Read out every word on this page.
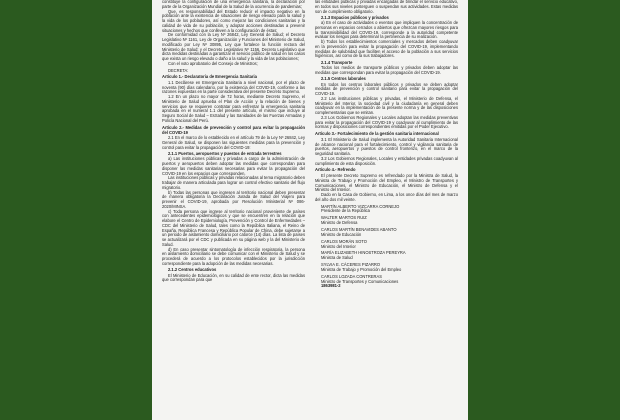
constituye la configuración de una emergencia sanitaria, la declaración por parte de la Organización Mundial de la Salud de la ocurrencia de pandemias;

Que, es responsabilidad del Estado reducir el impacto negativo en la población ante la existencia de situaciones de riesgo elevado para la salud y la vida de los pobladores, así como mejorar las condiciones sanitarias y la calidad de vida de su población, y adoptar acciones destinadas a prevenir situaciones y hechos que conlleven a la configuración de éstas;

De conformidad con la Ley Nº 26842, Ley General de Salud; el Decreto Legislativo Nº 1161, Ley de Organización y Funciones del Ministerio de Salud, modificado por Ley Nº 30895, Ley que fortalece la función rectora del Ministerio de Salud; y el Decreto Legislativo Nº 1156, Decreto Legislativo que dicta medidas destinadas a garantizar el servicio público de salud en los casos que exista un riesgo elevado o daño a la salud y la vida de las poblaciones;

Con el voto aprobatorio del Consejo de Ministros;

DECRETA:

Artículo 1.- Declaratoria de Emergencia Sanitaria

1.1 Declárese en Emergencia Sanitaria a nivel nacional, por el plazo de noventa (90) días calendario, por la existencia del COVID-19, conforme a las razones expuestas en la parte considerativa del presente Decreto Supremo.

1.2 En un plazo no mayor de 72 horas, mediante Decreto Supremo, el Ministerio de Salud aprueba el Plan de Acción y la relación de bienes y servicios que se requieren contratar para enfrentar la emergencia sanitaria aprobada en el numeral 1.1 del presente artículo, el mismo que incluye al Seguro Social de Salud – EsSalud y las Sanidades de las Fuerzas Armadas y Policía Nacional del Perú.

Artículo 2.- Medidas de prevención y control para evitar la propagación del COVID-19

2.1 En el marco de lo establecido en el artículo 79 de la Ley Nº 26842, Ley General de Salud, se disponen las siguientes medidas para la prevención y control para evitar la propagación del COVID-19:

2.1.1 Puertos, aeropuertos y puestos de entrada terrestres

a) Las instituciones públicas y privadas a cargo de la administración de puertos y aeropuertos deben adoptar las medidas que correspondan para disponer las medidas sanitarias necesarias para evitar la propagación del COVID-19 en los espacios que corresponden.

Las instituciones públicas y privadas relacionadas al tema migratorio deben trabajar de manera articulada para lograr un control efectivo sanitario del flujo migratorio.

b) Todas las personas que ingresen al territorio nacional deben presentar de manera obligatoria la Declaración Jurada de Salud del Viajero para prevenir el COVID-19, aprobada por Resolución Ministerial Nº 086-2020/MINSA.

c) Toda persona que ingrese al territorio nacional proveniente de países con antecedentes epidemiológicos y que se encuentren en la relación que elabore el Centro de Epidemiología, Prevención y Control de Enfermedades – CDC del Ministerio de Salud, tales como la República Italiana, el Reino de España, República Francesa y República Popular de China, debe sujetarse a un periodo de aislamiento domiciliario por catorce (14) días. La lista de países se actualizará por el CDC y publicada en su página web y la del Ministerio de Salud.

d) En caso presentar sintomatología de infección respiratoria, la persona en aislamiento domiciliario se debe comunicar con el Ministerio de Salud y se procederá de acuerdo a los protocolos establecidos por la jurisdicción correspondiente para la adopción de las medidas necesarias.

2.1.2 Centros educativos

El Ministerio de Educación, en su calidad de ente rector, dicta las medidas que correspondan para que

las entidades públicas y privadas encargadas de brindar el servicio educativo, en todos sus niveles posterguen o suspendan sus actividades. Estas medidas son de cumplimiento obligatorio.

2.1.3 Espacios públicos y privados

a) En el caso de actividades o eventos que impliquen la concentración de personas en espacios cerrados o abiertos que ofrezcan mayores riesgos para la transmisibilidad del COVID-19, corresponde a la autoridad competente evaluar los riesgos para determinar la pertinencia de su realización.

b) Todos los establecimientos comerciales y mercados deben coadyuvar en la prevención para evitar la propagación del COVID-19, implementando medidas de salubridad que faciliten el acceso de la población a sus servicios higiénicos, así como de la sus trabajadores.

2.1.4 Transporte

Todos los medios de transporte públicos y privados deben adoptar las medidas que correspondan para evitar la propagación del COVID-19.

2.1.5 Centros laborales

En todos los centros laborales públicos y privados se deben adoptar medidas de prevención y control sanitario para evitar la propagación del COVID-19.

2.2 Las instituciones públicas y privadas, el Ministerio de Defensa, el Ministerio del Interior, la sociedad civil y la ciudadanía en general deben coadyuvar en la implementación de la presente norma y de las disposiciones complementarias que se emitan.

2.3 Los Gobiernos Regionales y Locales adoptan las medidas preventivas para evitar la propagación del COVID-19 y coadyuvar al cumplimiento de las normas y disposiciones correspondientes emitidas por el Poder Ejecutivo.

Artículo 3.- Fortalecimiento de la gestión sanitaria internacional

3.1 El Ministerio de Salud implementa la Autoridad Sanitaria Internacional de alcance nacional para el fortalecimiento, control y vigilancia sanitaria de puertos, aeropuertos y puestos de control fronterizo, en el marco de la seguridad sanitaria.

3.2 Los Gobiernos Regionales, Locales y entidades privadas coadyuvan al cumplimiento de esta disposición.

Artículo 4.- Refrendo

El presente Decreto Supremo es refrendado por la Ministra de Salud, la Ministra de Trabajo y Promoción del Empleo, el Ministro de Transportes y Comunicaciones, el Ministro de Educación, el Ministro de Defensa y el Ministro del Interior.

Dado en la Casa de Gobierno, en Lima, a los once días del mes de marzo del año dos mil veinte.

MARTÍN ALBERTO VIZCARRA CORNEJO

Presidente de la República

WALTER MARTOS RUIZ

Ministro de Defensa

CARLOS MARTÍN BENAVIDES ABANTO

Ministro de Educación

CARLOS MORÁN SOTO

Ministro del Interior

MARÍA ELIZABETH HINOSTROZA PEREYRA

Ministra de Salud

SYLVIA E. CÁCERES PIZARRO

Ministra de Trabajo y Promoción del Empleo

CARLOS LOZADA CONTRERAS

Ministro de Transportes y Comunicaciones

1863981-2
